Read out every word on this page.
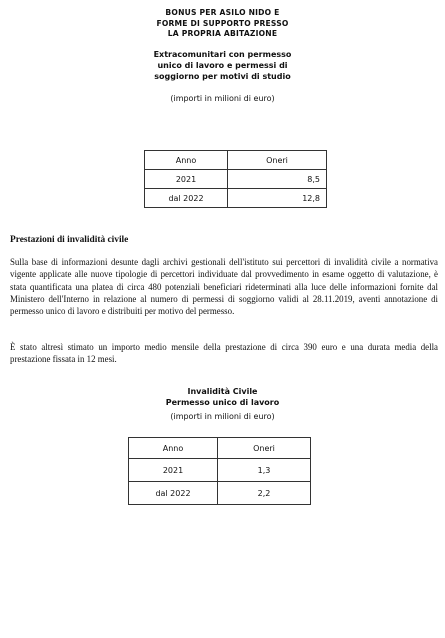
BONUS PER ASILO NIDO E
FORME DI SUPPORTO PRESSO
LA PROPRIA ABITAZIONE
Extracomunitari con permesso
unico di lavoro e permessi di
soggiorno per motivi di studio
(importi in milioni di euro)
Anno	Oneri
2021	8,5
dal 2022	12,8
Prestazioni di invalidità civile
Sulla base di informazioni desunte dagli archivi gestionali dell'istituto sui percettori di invalidità civile a normativa vigente applicate alle nuove tipologie di percettori individuate dal provvedimento in esame oggetto di valutazione, è stata quantificata una platea di circa 480 potenziali beneficiari rideterminati alla luce delle informazioni fornite dal Ministero dell'Interno in relazione al numero di permessi di soggiorno validi al 28.11.2019, aventi annotazione di permesso unico di lavoro e distribuiti per motivo del permesso.
È stato altresì stimato un importo medio mensile della prestazione di circa 390 euro e una durata media della prestazione fissata in 12 mesi.
Invalidità Civile
Permesso unico di lavoro
(importi in milioni di euro)
Anno	Oneri
2021	1,3
dal 2022	2,2
